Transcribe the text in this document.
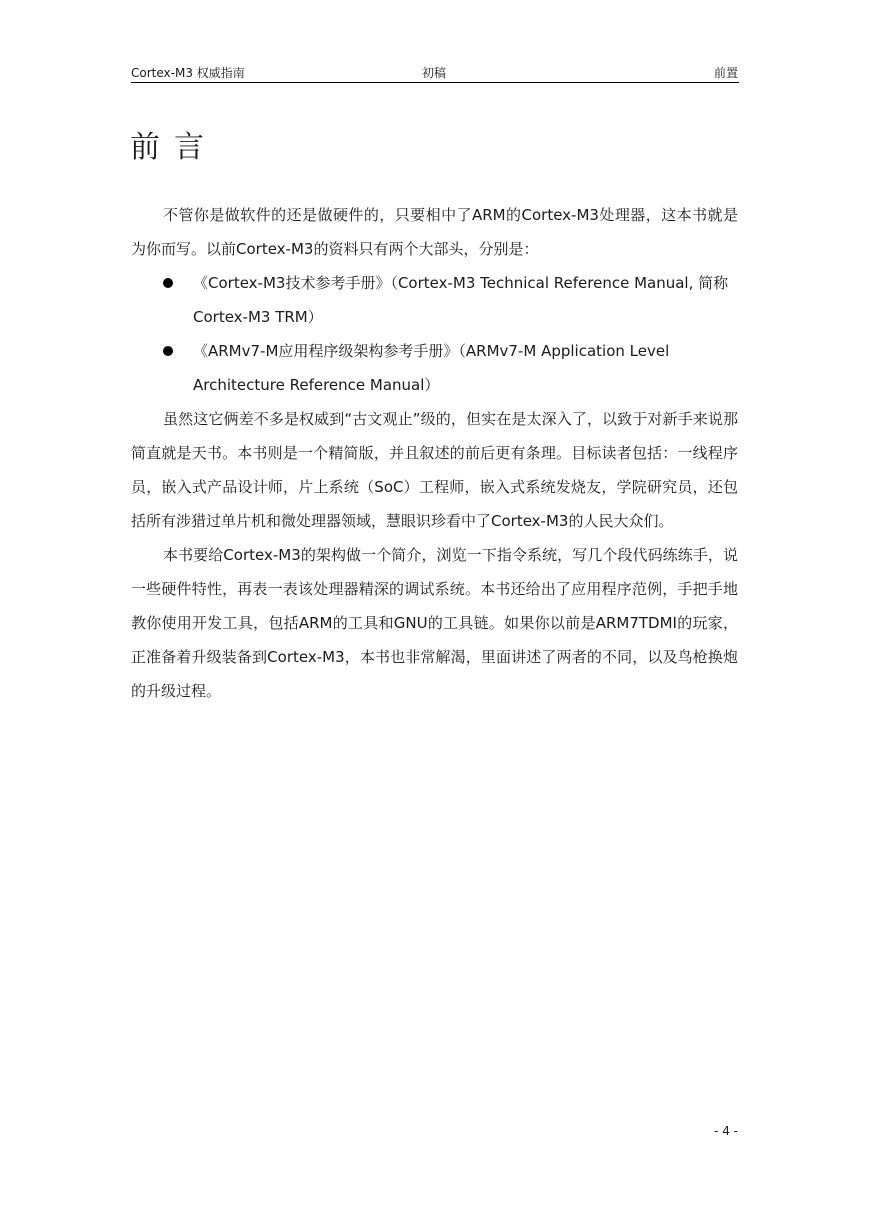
Cortex-M3 权威指南	初稿	前置
前言

不管你是做软件的还是做硬件的，只要相中了ARM的Cortex-M3处理器，这本书就是为你而写。以前Cortex-M3的资料只有两个大部头，分别是：

《Cortex-M3技术参考手册》（Cortex-M3 Technical Reference Manual, 简称Cortex-M3 TRM）
《ARMv7-M应用程序级架构参考手册》（ARMv7-M Application Level Architecture Reference Manual）

虽然这它俩差不多是权威到“古文观止”级的，但实在是太深入了，以致于对新手来说那简直就是天书。本书则是一个精简版，并且叙述的前后更有条理。目标读者包括：一线程序员，嵌入式产品设计师，片上系统（SoC）工程师，嵌入式系统发烧友，学院研究员，还包括所有涉猎过单片机和微处理器领域，慧眼识珍看中了Cortex-M3的人民大众们。

本书要给Cortex-M3的架构做一个简介，浏览一下指令系统，写几个段代码练练手，说一些硬件特性，再表一表该处理器精深的调试系统。本书还给出了应用程序范例，手把手地教你使用开发工具，包括ARM的工具和GNU的工具链。如果你以前是ARM7TDMI的玩家，正准备着升级装备到Cortex-M3，本书也非常解渴，里面讲述了两者的不同，以及鸟枪换炮的升级过程。

- 4 -
